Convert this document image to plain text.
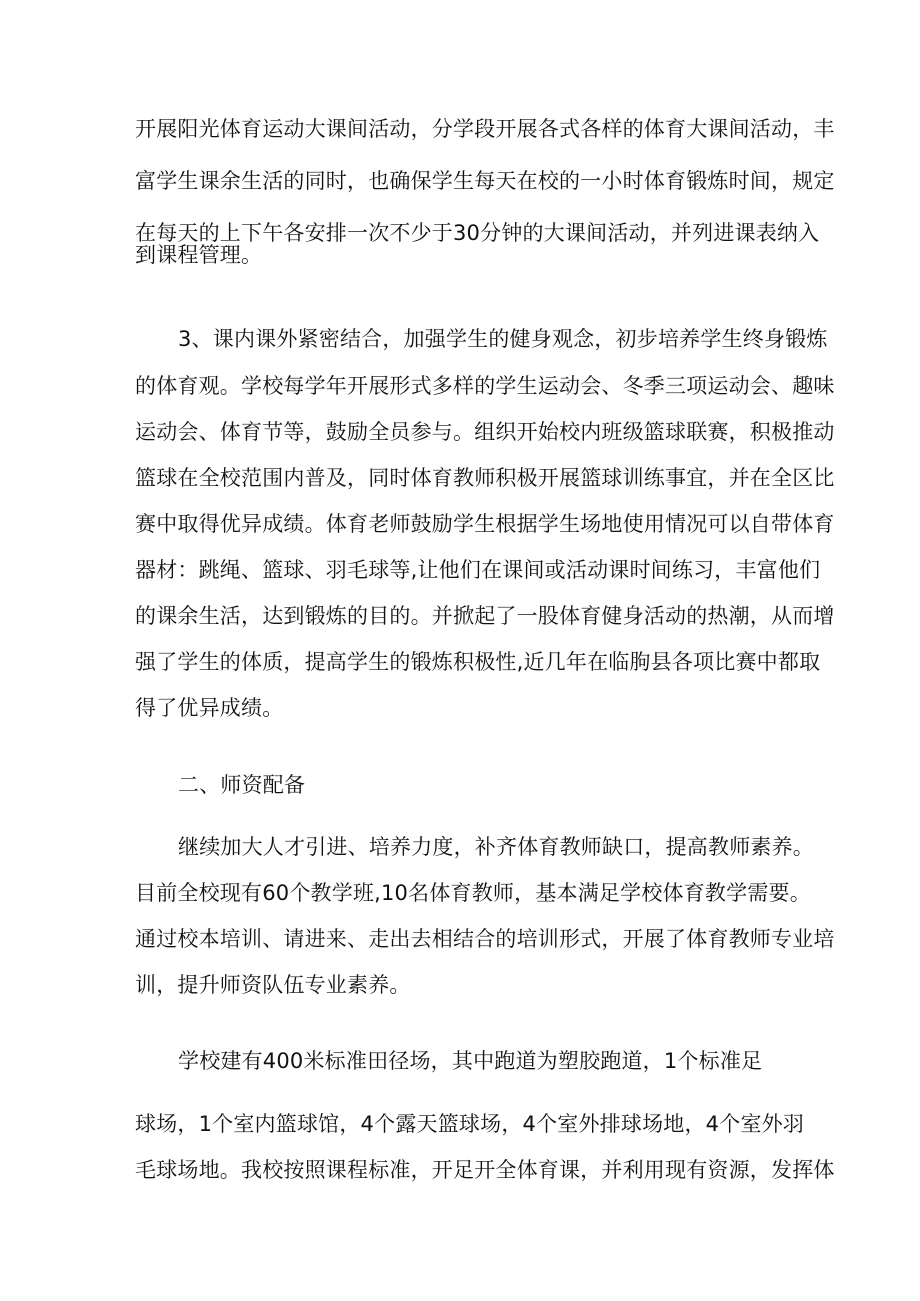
开展阳光体育运动大课间活动，分学段开展各式各样的体育大课间活动，丰
富学生课余生活的同时，也确保学生每天在校的一小时体育锻炼时间，规定
在每天的上下午各安排一次不少于30分钟的大课间活动，并列进课表纳入
到课程管理。
3、课内课外紧密结合，加强学生的健身观念，初步培养学生终身锻炼
的体育观。学校每学年开展形式多样的学生运动会、冬季三项运动会、趣味
运动会、体育节等，鼓励全员参与。组织开始校内班级篮球联赛，积极推动
篮球在全校范围内普及，同时体育教师积极开展篮球训练事宜，并在全区比
赛中取得优异成绩。体育老师鼓励学生根据学生场地使用情况可以自带体育
器材：跳绳、篮球、羽毛球等,让他们在课间或活动课时间练习，丰富他们
的课余生活，达到锻炼的目的。并掀起了一股体育健身活动的热潮，从而增
强了学生的体质，提高学生的锻炼积极性,近几年在临朐县各项比赛中都取
得了优异成绩。
二、师资配备
继续加大人才引进、培养力度，补齐体育教师缺口，提高教师素养。
目前全校现有60个教学班,10名体育教师，基本满足学校体育教学需要。
通过校本培训、请进来、走出去相结合的培训形式，开展了体育教师专业培
训，提升师资队伍专业素养。
学校建有400米标准田径场，其中跑道为塑胶跑道，1个标准足
球场，1个室内篮球馆，4个露天篮球场，4个室外排球场地，4个室外羽
毛球场地。我校按照课程标准，开足开全体育课，并利用现有资源，发挥体
